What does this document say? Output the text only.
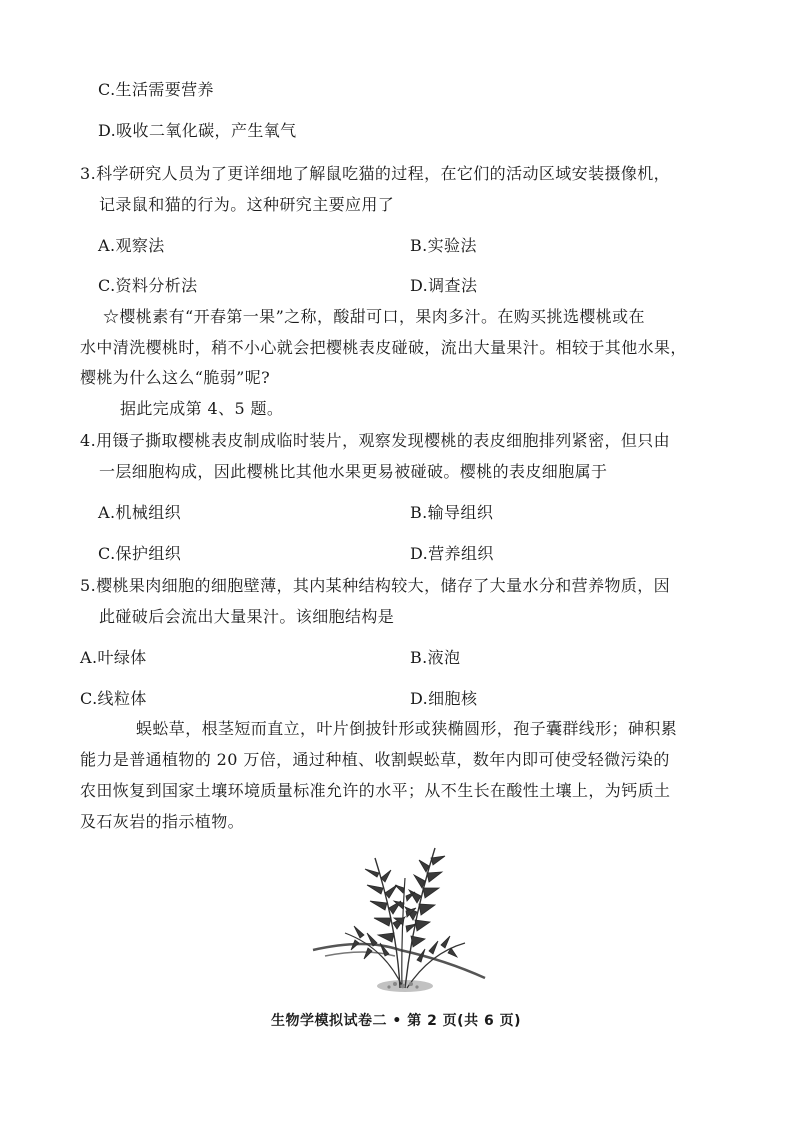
C.生活需要营养
D.吸收二氧化碳，产生氧气
3.科学研究人员为了更详细地了解鼠吃猫的过程，在它们的活动区域安装摄像机，
记录鼠和猫的行为。这种研究主要应用了
A.观察法	B.实验法
C.资料分析法	D.调查法
☆樱桃素有“开春第一果”之称，酸甜可口，果肉多汁。在购买挑选樱桃或在
水中清洗樱桃时，稍不小心就会把樱桃表皮碰破，流出大量果汁。相较于其他水果，
樱桃为什么这么“脆弱”呢?
据此完成第 4、5 题。
4.用镊子撕取樱桃表皮制成临时装片，观察发现樱桃的表皮细胞排列紧密，但只由
一层细胞构成，因此樱桃比其他水果更易被碰破。樱桃的表皮细胞属于
A.机械组织	B.输导组织
C.保护组织	D.营养组织
5.樱桃果肉细胞的细胞壁薄，其内某种结构较大，储存了大量水分和营养物质，因
此碰破后会流出大量果汁。该细胞结构是
A.叶绿体	B.液泡
C.线粒体	D.细胞核
蜈蚣草，根茎短而直立，叶片倒披针形或狭椭圆形，孢子囊群线形；砷积累
能力是普通植物的 20 万倍，通过种植、收割蜈蚣草，数年内即可使受轻微污染的
农田恢复到国家土壤环境质量标准允许的水平；从不生长在酸性土壤上，为钙质土
及石灰岩的指示植物。
生物学模拟试卷二 • 第 2 页(共 6 页)
